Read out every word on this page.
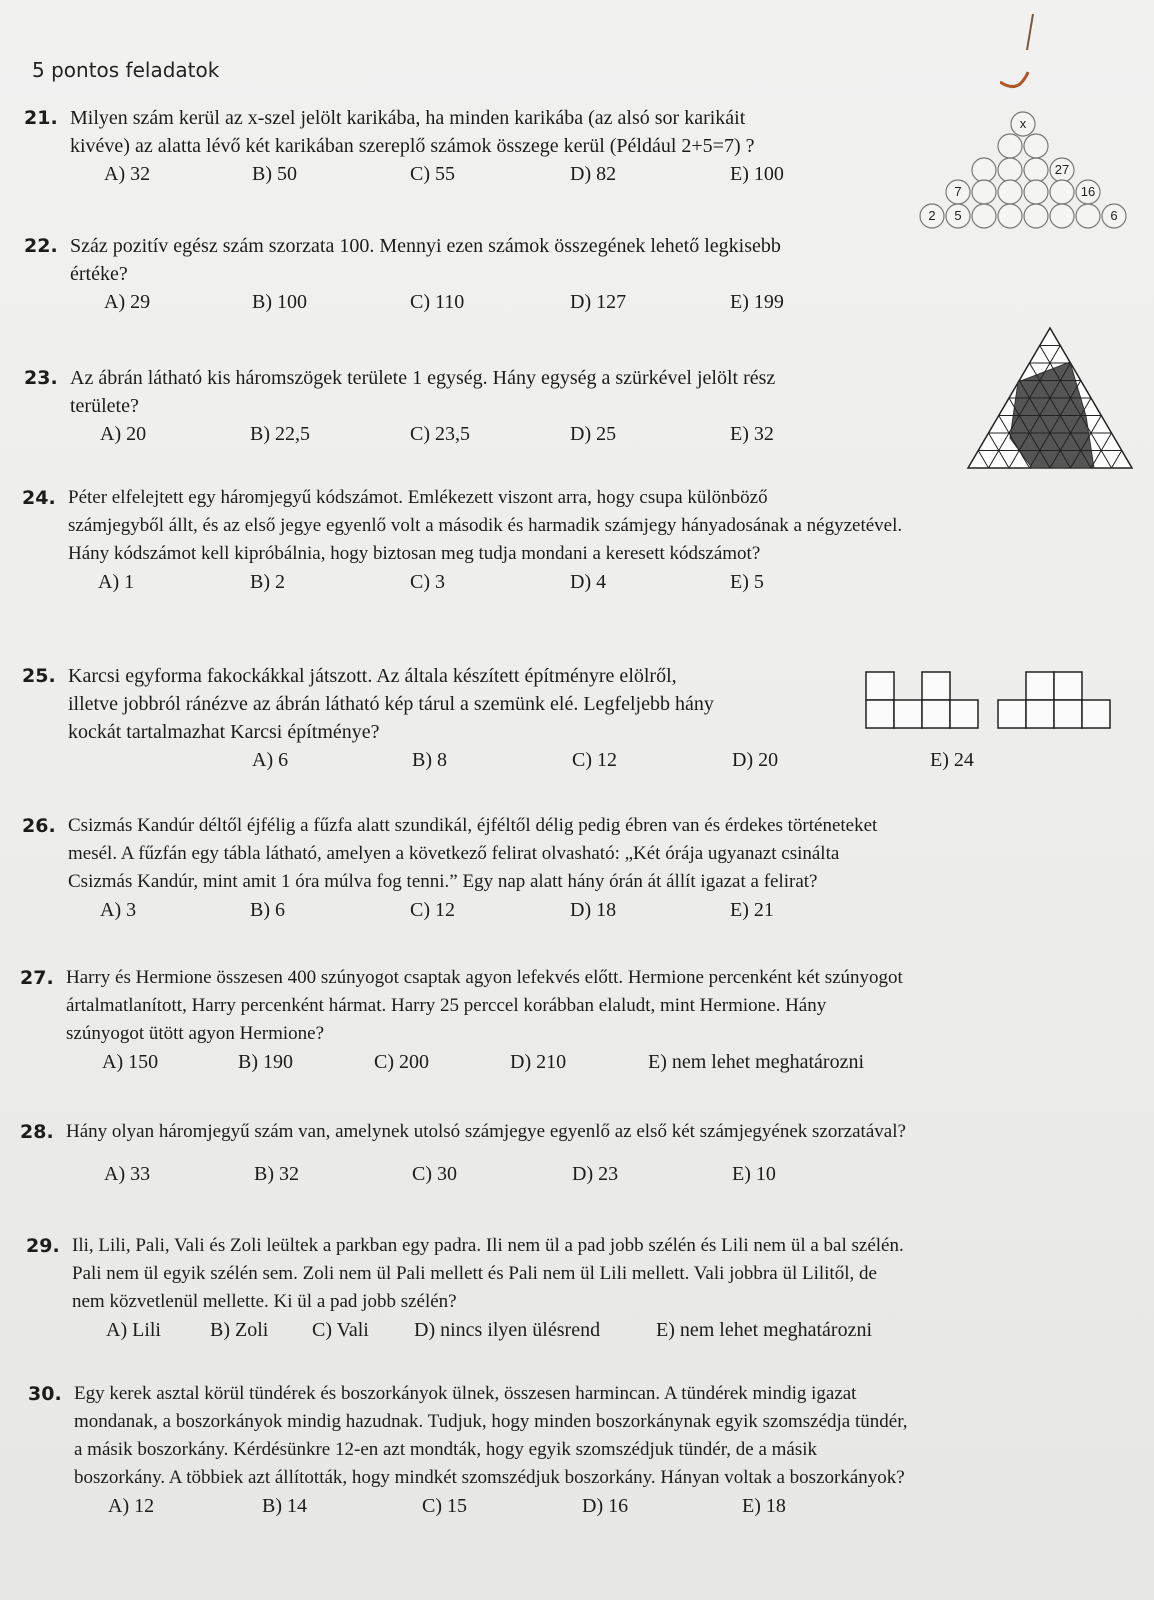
5 pontos feladatok
21. Milyen szám kerül az x-szel jelölt karikába, ha minden karikába (az alsó sor karikáit
kivéve) az alatta lévő két karikában szereplő számok összege kerül (Például 2+5=7) ?
A) 32	B) 50	C) 55	D) 82	E) 100
x
27
7	16
2 5	6
22. Száz pozitív egész szám szorzata 100. Mennyi ezen számok összegének lehető legkisebb
értéke?
A) 29	B) 100	C) 110	D) 127	E) 199
23. Az ábrán látható kis háromszögek területe 1 egység. Hány egység a szürkével jelölt rész
területe?
A) 20	B) 22,5	C) 23,5	D) 25	E) 32
24. Péter elfelejtett egy háromjegyű kódszámot. Emlékezett viszont arra, hogy csupa különböző
számjegyből állt, és az első jegye egyenlő volt a második és harmadik számjegy hányadosának a négyzetével.
Hány kódszámot kell kipróbálnia, hogy biztosan meg tudja mondani a keresett kódszámot?
A) 1	B) 2	C) 3	D) 4	E) 5
25. Karcsi egyforma fakockákkal játszott. Az általa készített építményre elölről,
illetve jobbról ránézve az ábrán látható kép tárul a szemünk elé. Legfeljebb hány
kockát tartalmazhat Karcsi építménye?
A) 6	B) 8	C) 12	D) 20	E) 24
26. Csizmás Kandúr déltől éjfélig a fűzfa alatt szundikál, éjféltől délig pedig ébren van és érdekes történeteket
mesél. A fűzfán egy tábla látható, amelyen a következő felirat olvasható: „Két órája ugyanazt csinálta
Csizmás Kandúr, mint amit 1 óra múlva fog tenni.” Egy nap alatt hány órán át állít igazat a felirat?
A) 3	B) 6	C) 12	D) 18	E) 21
27. Harry és Hermione összesen 400 szúnyogot csaptak agyon lefekvés előtt. Hermione percenként két szúnyogot
ártalmatlanított, Harry percenként hármat. Harry 25 perccel korábban elaludt, mint Hermione. Hány
szúnyogot ütött agyon Hermione?
A) 150	B) 190	C) 200	D) 210	E) nem lehet meghatározni
28. Hány olyan háromjegyű szám van, amelynek utolsó számjegye egyenlő az első két számjegyének szorzatával?
A) 33	B) 32	C) 30	D) 23	E) 10
29. Ili, Lili, Pali, Vali és Zoli leültek a parkban egy padra. Ili nem ül a pad jobb szélén és Lili nem ül a bal szélén.
Pali nem ül egyik szélén sem. Zoli nem ül Pali mellett és Pali nem ül Lili mellett. Vali jobbra ül Lilitől, de
nem közvetlenül mellette. Ki ül a pad jobb szélén?
A) Lili B) Zoli C) Vali D) nincs ilyen ülésrend	E) nem lehet meghatározni
30. Egy kerek asztal körül tündérek és boszorkányok ülnek, összesen harmincan. A tündérek mindig igazat
mondanak, a boszorkányok mindig hazudnak. Tudjuk, hogy minden boszorkánynak egyik szomszédja tündér,
a másik boszorkány. Kérdésünkre 12-en azt mondták, hogy egyik szomszédjuk tündér, de a másik
boszorkány. A többiek azt állították, hogy mindkét szomszédjuk boszorkány. Hányan voltak a boszorkányok?
A) 12	B) 14	C) 15	D) 16	E) 18
